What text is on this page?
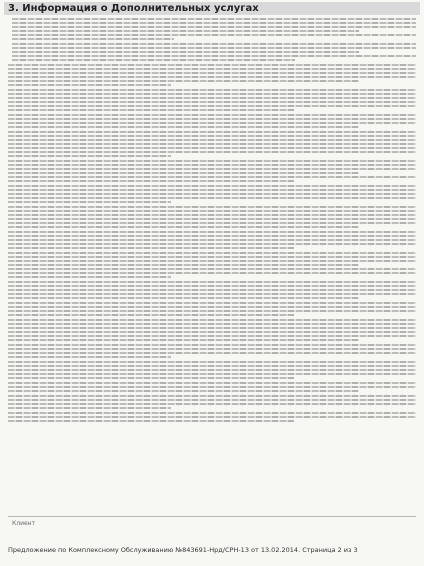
3. Информация о Дополнительных услугах
Клиент
Предложение по Комплексному Обслуживанию №843691-Нрд/СРН-13 от 13.02.2014. Страница 2 из 3
